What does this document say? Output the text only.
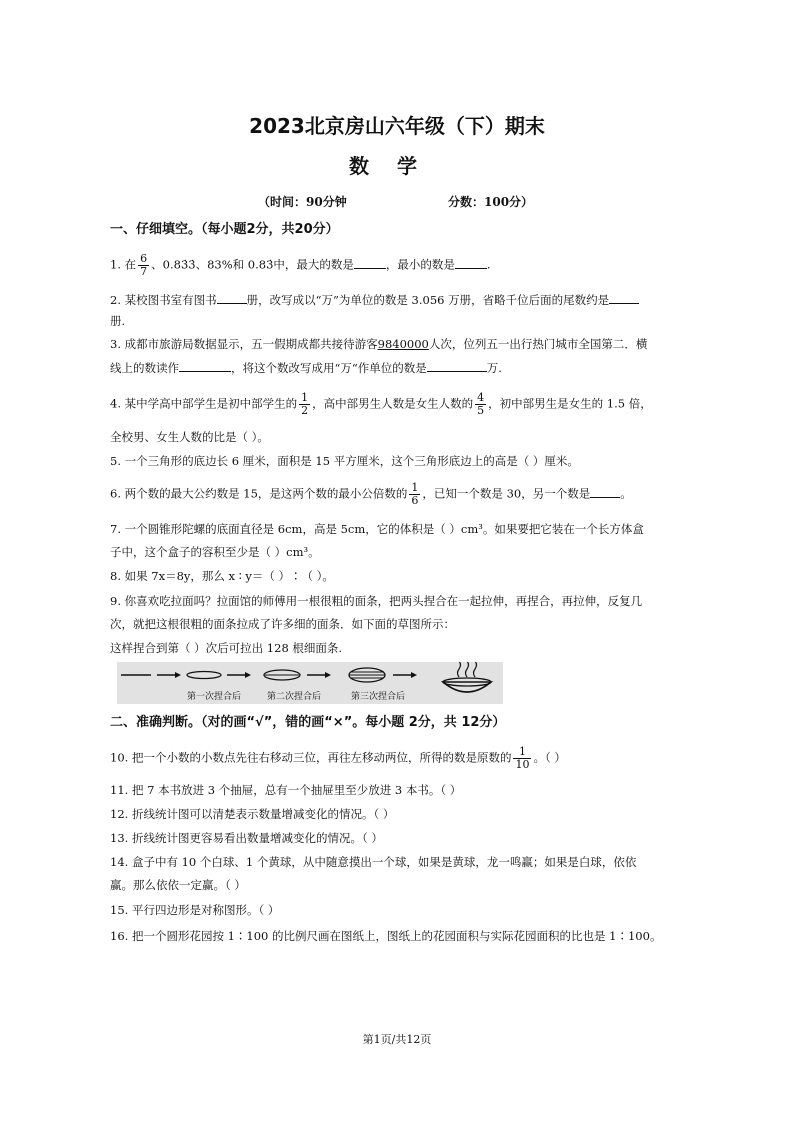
2023北京房山六年级（下）期末
数学
（时间：90分钟	分数：100分）
一、仔细填空。（每小题2分，共20分）
1. 在 $\frac{6}{7}$ 、0.83̇3̇、83%和 0.83̇中，最大的数是	，最小的数是	.
2. 某校图书室有图书	册，改写成以“万”为单位的数是 3.056 万册，省略千位后面的尾数约是
册.
3. 成都市旅游局数据显示，五一假期成都共接待游客9840000人次，位列五一出行热门城市全国第二．横
线上的数读作	，将这个数改写成用“万“作单位的数是	万.
4. 某中学高中部学生是初中部学生的 $\frac{1}{2}$ ，高中部男生人数是女生人数的 $\frac{4}{5}$ ，初中部男生是女生的 1.5 倍，
全校男、女生人数的比是（ ）。
5. 一个三角形的底边长 6 厘米，面积是 15 平方厘米，这个三角形底边上的高是（ ）厘米。
6. 两个数的最大公约数是 15，是这两个数的最小公倍数的 $\frac{1}{6}$ ，已知一个数是 30，另一个数是	。
7. 一个圆锥形陀螺的底面直径是 6cm，高是 5cm，它的体积是（ ）cm³。如果要把它装在一个长方体盒
子中，这个盒子的容积至少是（ ）cm³。
8. 如果 7x＝8y，那么 x ∶ y＝（ ）∶（ ）。
9. 你喜欢吃拉面吗？拉面馆的师傅用一根很粗的面条，把两头捏合在一起拉伸，再捏合，再拉伸，反复几
次，就把这根很粗的面条拉成了许多细的面条．如下面的草图所示：
这样捏合到第（ ）次后可拉出 128 根细面条.
第一次捏合后	第二次捏合后	第三次捏合后
二、准确判断。（对的画“√”，错的画“×”。每小题 2分，共 12分）
10. 把一个小数的小数点先往右移动三位，再往左移动两位，所得的数是原数的 $\frac{1}{10}$ 。（ ）
11. 把 7 本书放进 3 个抽屉，总有一个抽屉里至少放进 3 本书。（ ）
12. 折线统计图可以清楚表示数量增减变化的情况。（ ）
13. 折线统计图更容易看出数量增减变化的情况。（ ）
14. 盒子中有 10 个白球、1 个黄球，从中随意摸出一个球，如果是黄球，龙一鸣赢；如果是白球，依依
赢。那么依依一定赢。（ ）
15. 平行四边形是对称图形。（ ）
16. 把一个圆形花园按 1∶100 的比例尺画在图纸上，图纸上的花园面积与实际花园面积的比也是 1∶100。
第1页/共12页
